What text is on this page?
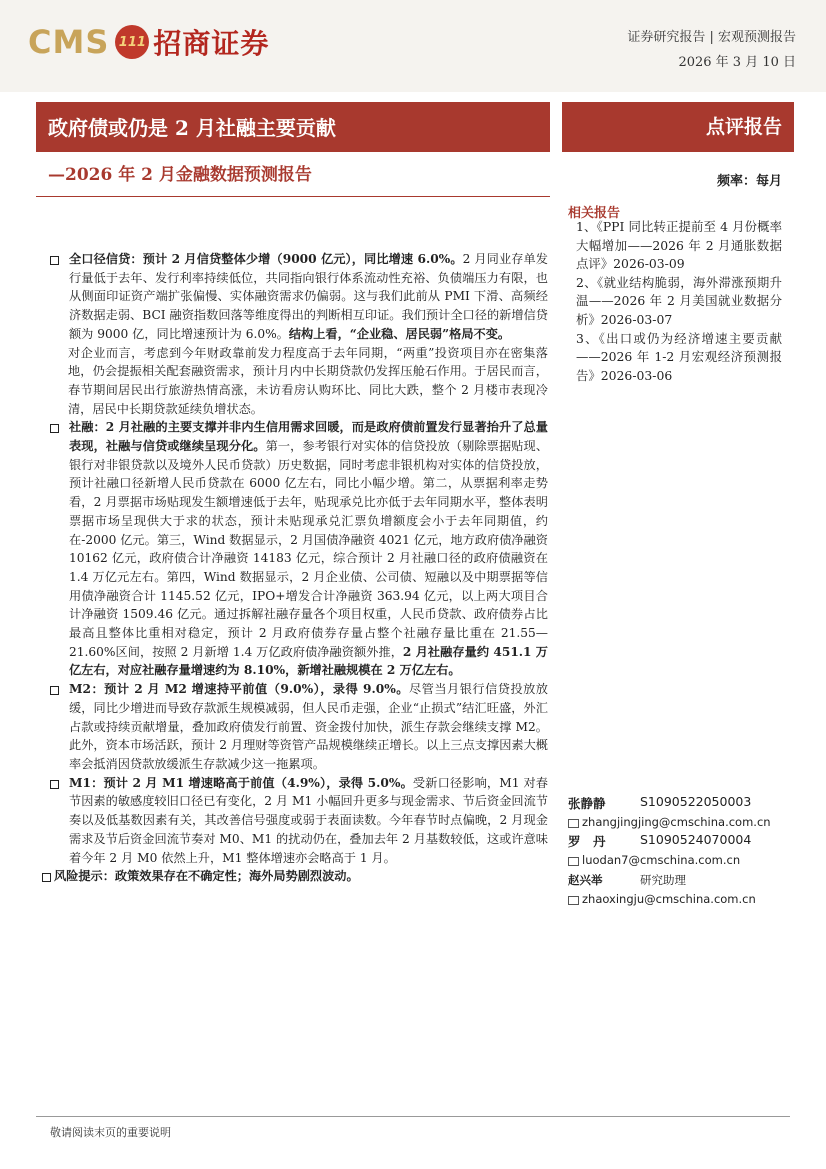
CMS 111 招商证券	证券研究报告 | 宏观预测报告
2026 年 3 月 10 日
政府债或仍是 2 月社融主要贡献	点评报告
—2026 年 2 月金融数据预测报告	频率：每月
相关报告

1、《PPI 同比转正提前至 4 月份概率大幅增加——2026 年 2 月通胀数据点评》2026-03-09

2、《就业结构脆弱，海外滞涨预期升温——2026 年 2 月美国就业数据分析》2026-03-07

3、《出口或仍为经济增速主要贡献——2026 年 1-2 月宏观经济预测报告》2026-03-06

全口径信贷：预计 2 月信贷整体少增（9000 亿元），同比增速 6.0%。2 月同业存单发行量低于去年、发行利率持续低位，共同指向银行体系流动性充裕、负债端压力有限，也从侧面印证资产端扩张偏慢、实体融资需求仍偏弱。这与我们此前从 PMI 下滑、高频经济数据走弱、BCI 融资指数回落等维度得出的判断相互印证。我们预计全口径的新增信贷额为 9000 亿，同比增速预计为 6.0%。结构上看，“企业稳、居民弱”格局不变。

对企业而言，考虑到今年财政靠前发力程度高于去年同期，“两重”投资项目亦在密集落地，仍会提振相关配套融资需求，预计月内中长期贷款仍发挥压舱石作用。于居民而言，春节期间居民出行旅游热情高涨，未访看房认购环比、同比大跌，整个 2 月楼市表现冷清，居民中长期贷款延续负增状态。

社融：2 月社融的主要支撑并非内生信用需求回暖，而是政府债前置发行显著抬升了总量表现，社融与信贷或继续呈现分化。第一，参考银行对实体的信贷投放（剔除票据贴现、银行对非银贷款以及境外人民币贷款）历史数据，同时考虑非银机构对实体的信贷投放，预计社融口径新增人民币贷款在 6000 亿左右，同比小幅少增。第二，从票据利率走势看，2 月票据市场贴现发生额增速低于去年，贴现承兑比亦低于去年同期水平，整体表明票据市场呈现供大于求的状态，预计未贴现承兑汇票负增额度会小于去年同期值，约在-2000 亿元。第三，Wind 数据显示，2 月国债净融资 4021 亿元，地方政府债净融资 10162 亿元，政府债合计净融资 14183 亿元，综合预计 2 月社融口径的政府债融资在 1.4 万亿元左右。第四，Wind 数据显示，2 月企业债、公司债、短融以及中期票据等信用债净融资合计 1145.52 亿元，IPO+增发合计净融资 363.94 亿元，以上两大项目合计净融资 1509.46 亿元。通过拆解社融存量各个项目权重，人民币贷款、政府债券占比最高且整体比重相对稳定，预计 2 月政府债券存量占整个社融存量比重在 21.55—21.60%区间，按照 2 月新增 1.4 万亿政府债净融资额外推，2 月社融存量约 451.1 万亿左右，对应社融存量增速约为 8.10%，新增社融规模在 2 万亿左右。

M2：预计 2 月 M2 增速持平前值（9.0%），录得 9.0%。尽管当月银行信贷投放放缓，同比少增进而导致存款派生规模减弱，但人民币走强，企业“止损式”结汇旺盛，外汇占款或持续贡献增量，叠加政府债发行前置、资金拨付加快，派生存款会继续支撑 M2。此外，资本市场活跃，预计 2 月理财等资管产品规模继续正增长。以上三点支撑因素大概率会抵消因贷款放缓派生存款减少这一拖累项。

M1：预计 2 月 M1 增速略高于前值（4.9%），录得 5.0%。受新口径影响，M1 对春节因素的敏感度较旧口径已有变化，2 月 M1 小幅回升更多与现金需求、节后资金回流节奏以及低基数因素有关，其改善信号强度或弱于表面读数。今年春节时点偏晚，2 月现金需求及节后资金回流节奏对 M0、M1 的扰动仍在，叠加去年 2 月基数较低，这或许意味着今年 2 月 M0 依然上升，M1 整体增速亦会略高于 1 月。

风险提示：政策效果存在不确定性；海外局势剧烈波动。

张静静	S1090522050003
zhangjingjing@cmschina.com.cn
罗　丹	S1090524070004
luodan7@cmschina.com.cn
赵兴举	研究助理
zhaoxingju@cmschina.com.cn
敬请阅读末页的重要说明
